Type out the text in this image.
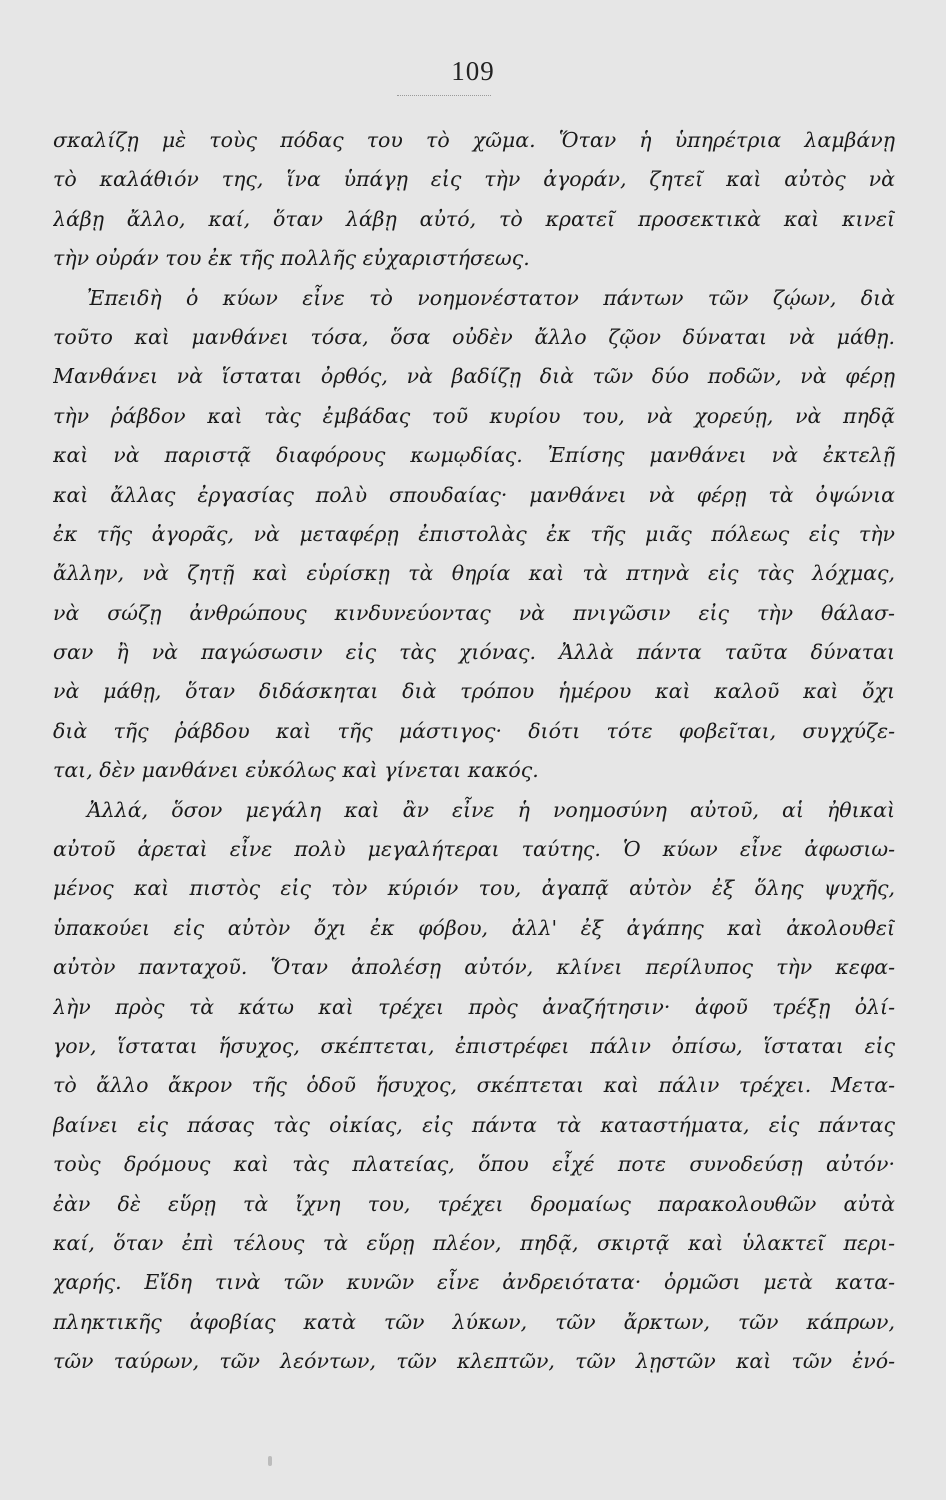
109
σκαλίζῃ μὲ τοὺς πόδας του τὸ χῶμα. Ὅταν ἡ ὑπηρέτρια λαμβάνῃ
τὸ καλάθιόν της, ἵνα ὑπάγῃ εἰς τὴν ἀγοράν, ζητεῖ καὶ αὐτὸς νὰ
λάβῃ ἄλλο, καί, ὅταν λάβῃ αὐτό, τὸ κρατεῖ προσεκτικὰ καὶ κινεῖ
τὴν οὐράν του ἐκ τῆς πολλῆς εὐχαριστήσεως.
Ἐπειδὴ ὁ κύων εἶνε τὸ νοημονέστατον πάντων τῶν ζῴων, διὰ
τοῦτο καὶ μανθάνει τόσα, ὅσα οὐδὲν ἄλλο ζῷον δύναται νὰ μάθῃ.
Μανθάνει νὰ ἵσταται ὀρθός, νὰ βαδίζῃ διὰ τῶν δύο ποδῶν, νὰ φέρῃ
τὴν ῥάβδον καὶ τὰς ἐμβάδας τοῦ κυρίου του, νὰ χορεύῃ, νὰ πηδᾷ
καὶ νὰ παριστᾷ διαφόρους κωμῳδίας. Ἐπίσης μανθάνει νὰ ἐκτελῇ
καὶ ἄλλας ἐργασίας πολὺ σπουδαίας· μανθάνει νὰ φέρῃ τὰ ὀψώνια
ἐκ τῆς ἀγορᾶς, νὰ μεταφέρῃ ἐπιστολὰς ἐκ τῆς μιᾶς πόλεως εἰς τὴν
ἄλλην, νὰ ζητῇ καὶ εὑρίσκῃ τὰ θηρία καὶ τὰ πτηνὰ εἰς τὰς λόχμας,
νὰ σώζῃ ἀνθρώπους κινδυνεύοντας νὰ πνιγῶσιν εἰς τὴν θάλασ-
σαν ἢ νὰ παγώσωσιν εἰς τὰς χιόνας. Ἀλλὰ πάντα ταῦτα δύναται
νὰ μάθῃ, ὅταν διδάσκηται διὰ τρόπου ἡμέρου καὶ καλοῦ καὶ ὄχι
διὰ τῆς ῥάβδου καὶ τῆς μάστιγος· διότι τότε φοβεῖται, συγχύζε-
ται, δὲν μανθάνει εὐκόλως καὶ γίνεται κακός.
Ἀλλά, ὅσον μεγάλη καὶ ἂν εἶνε ἡ νοημοσύνη αὐτοῦ, αἱ ἠθικαὶ
αὐτοῦ ἀρεταὶ εἶνε πολὺ μεγαλήτεραι ταύτης. Ὁ κύων εἶνε ἀφωσιω-
μένος καὶ πιστὸς εἰς τὸν κύριόν του, ἀγαπᾷ αὐτὸν ἐξ ὅλης ψυχῆς,
ὑπακούει εἰς αὐτὸν ὄχι ἐκ φόβου, ἀλλ' ἐξ ἀγάπης καὶ ἀκολουθεῖ
αὐτὸν πανταχοῦ. Ὅταν ἀπολέσῃ αὐτόν, κλίνει περίλυπος τὴν κεφα-
λὴν πρὸς τὰ κάτω καὶ τρέχει πρὸς ἀναζήτησιν· ἀφοῦ τρέξῃ ὀλί-
γον, ἵσταται ἥσυχος, σκέπτεται, ἐπιστρέφει πάλιν ὀπίσω, ἵσταται εἰς
τὸ ἄλλο ἄκρον τῆς ὁδοῦ ἥσυχος, σκέπτεται καὶ πάλιν τρέχει. Μετα-
βαίνει εἰς πάσας τὰς οἰκίας, εἰς πάντα τὰ καταστήματα, εἰς πάντας
τοὺς δρόμους καὶ τὰς πλατείας, ὅπου εἶχέ ποτε συνοδεύσῃ αὐτόν·
ἐὰν δὲ εὕρῃ τὰ ἴχνη του, τρέχει δρομαίως παρακολουθῶν αὐτὰ
καί, ὅταν ἐπὶ τέλους τὰ εὕρῃ πλέον, πηδᾷ, σκιρτᾷ καὶ ὑλακτεῖ περι-
χαρής. Εἴδη τινὰ τῶν κυνῶν εἶνε ἀνδρειότατα· ὁρμῶσι μετὰ κατα-
πληκτικῆς ἀφοβίας κατὰ τῶν λύκων, τῶν ἄρκτων, τῶν κάπρων,
τῶν ταύρων, τῶν λεόντων, τῶν κλεπτῶν, τῶν λῃστῶν καὶ τῶν ἐνό-
